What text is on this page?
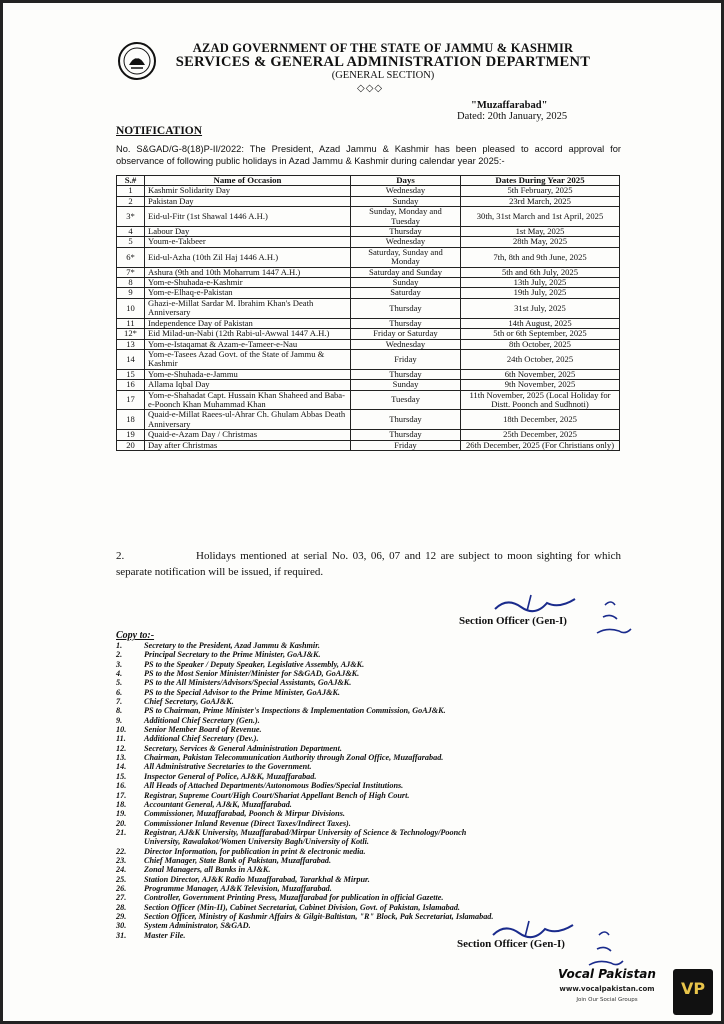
AZAD GOVERNMENT OF THE STATE OF JAMMU & KASHMIR
SERVICES & GENERAL ADMINISTRATION DEPARTMENT
(GENERAL SECTION)
◇◇◇
"Muzaffarabad"
Dated: 20th January, 2025
NOTIFICATION
No. S&GAD/G-8(18)P-II/2022: The President, Azad Jammu & Kashmir has been pleased to accord approval for observance of following public holidays in Azad Jammu & Kashmir during calendar year 2025:-
S.#	Name of Occasion	Days	Dates During Year 2025
1	Kashmir Solidarity Day	Wednesday	5th February, 2025
2	Pakistan Day	Sunday	23rd March, 2025
3*	Eid-ul-Fitr (1st Shawal 1446 A.H.)	Sunday, Monday and Tuesday	30th, 31st March and 1st April, 2025
4	Labour Day	Thursday	1st May, 2025
5	Youm-e-Takbeer	Wednesday	28th May, 2025
6*	Eid-ul-Azha (10th Zil Haj 1446 A.H.)	Saturday, Sunday and Monday	7th, 8th and 9th June, 2025
7*	Ashura (9th and 10th Moharrum 1447 A.H.)	Saturday and Sunday	5th and 6th July, 2025
8	Yom-e-Shuhada-e-Kashmir	Sunday	13th July, 2025
9	Yom-e-Elhaq-e-Pakistan	Saturday	19th July, 2025
10	Ghazi-e-Millat Sardar M. Ibrahim Khan's Death Anniversary	Thursday	31st July, 2025
11	Independence Day of Pakistan	Thursday	14th August, 2025
12*	Eid Milad-un-Nabi (12th Rabi-ul-Awwal 1447 A.H.)	Friday or Saturday	5th or 6th September, 2025
13	Yom-e-Istaqamat & Azam-e-Tameer-e-Nau	Wednesday	8th October, 2025
14	Yom-e-Tasees Azad Govt. of the State of Jammu & Kashmir	Friday	24th October, 2025
15	Yom-e-Shuhada-e-Jammu	Thursday	6th November, 2025
16	Allama Iqbal Day	Sunday	9th November, 2025
17	Yom-e-Shahadat Capt. Hussain Khan Shaheed and Baba-e-Poonch Khan Muhammad Khan	Tuesday	11th November, 2025 (Local Holiday for Distt. Poonch and Sudhnoti)
18	Quaid-e-Millat Raees-ul-Ahrar Ch. Ghulam Abbas Death Anniversary	Thursday	18th December, 2025
19	Quaid-e-Azam Day / Christmas	Thursday	25th December, 2025
20	Day after Christmas	Friday	26th December, 2025 (For Christians only)
2.	Holidays mentioned at serial No. 03, 06, 07 and 12 are subject to moon sighting for which separate notification will be issued, if required.
Section Officer (Gen-I)
Copy to:-
1.	Secretary to the President, Azad Jammu & Kashmir.
2.	Principal Secretary to the Prime Minister, GoAJ&K.
3.	PS to the Speaker / Deputy Speaker, Legislative Assembly, AJ&K.
4.	PS to the Most Senior Minister/Minister for S&GAD, GoAJ&K.
5.	PS to the All Ministers/Advisors/Special Assistants, GoAJ&K.
6.	PS to the Special Advisor to the Prime Minister, GoAJ&K.
7.	Chief Secretary, GoAJ&K.
8.	PS to Chairman, Prime Minister's Inspections & Implementation Commission, GoAJ&K.
9.	Additional Chief Secretary (Gen.).
10. Senior Member Board of Revenue.
11. Additional Chief Secretary (Dev.).
12. Secretary, Services & General Administration Department.
13. Chairman, Pakistan Telecommunication Authority through Zonal Office, Muzaffarabad.
14. All Administrative Secretaries to the Government.
15. Inspector General of Police, AJ&K, Muzaffarabad.
16. All Heads of Attached Departments/Autonomous Bodies/Special Institutions.
17. Registrar, Supreme Court/High Court/Shariat Appellant Bench of High Court.
18. Accountant General, AJ&K, Muzaffarabad.
19. Commissioner, Muzaffarabad, Poonch & Mirpur Divisions.
20. Commissioner Inland Revenue (Direct Taxes/Indirect Taxes).
21. Registrar, AJ&K University, Muzaffarabad/Mirpur University of Science & Technology/Poonch
University, Rawalakot/Women University Bagh/University of Kotli.
22. Director Information, for publication in print & electronic media.
23. Chief Manager, State Bank of Pakistan, Muzaffarabad.
24. Zonal Managers, all Banks in AJ&K.
25. Station Director, AJ&K Radio Muzaffarabad, Tararkhal & Mirpur.
26. Programme Manager, AJ&K Television, Muzaffarabad.
27. Controller, Government Printing Press, Muzaffarabad for publication in official Gazette.
28. Section Officer (Min-II), Cabinet Secretariat, Cabinet Division, Govt. of Pakistan, Islamabad.
29. Section Officer, Ministry of Kashmir Affairs & Gilgit-Baltistan, "R" Block, Pak Secretariat, Islamabad.
30. System Administrator, S&GAD.
31. Master File.
Section Officer (Gen-I)
Vocal Pakistan
www.vocalpakistan.com
Join Our Social Groups
VP
